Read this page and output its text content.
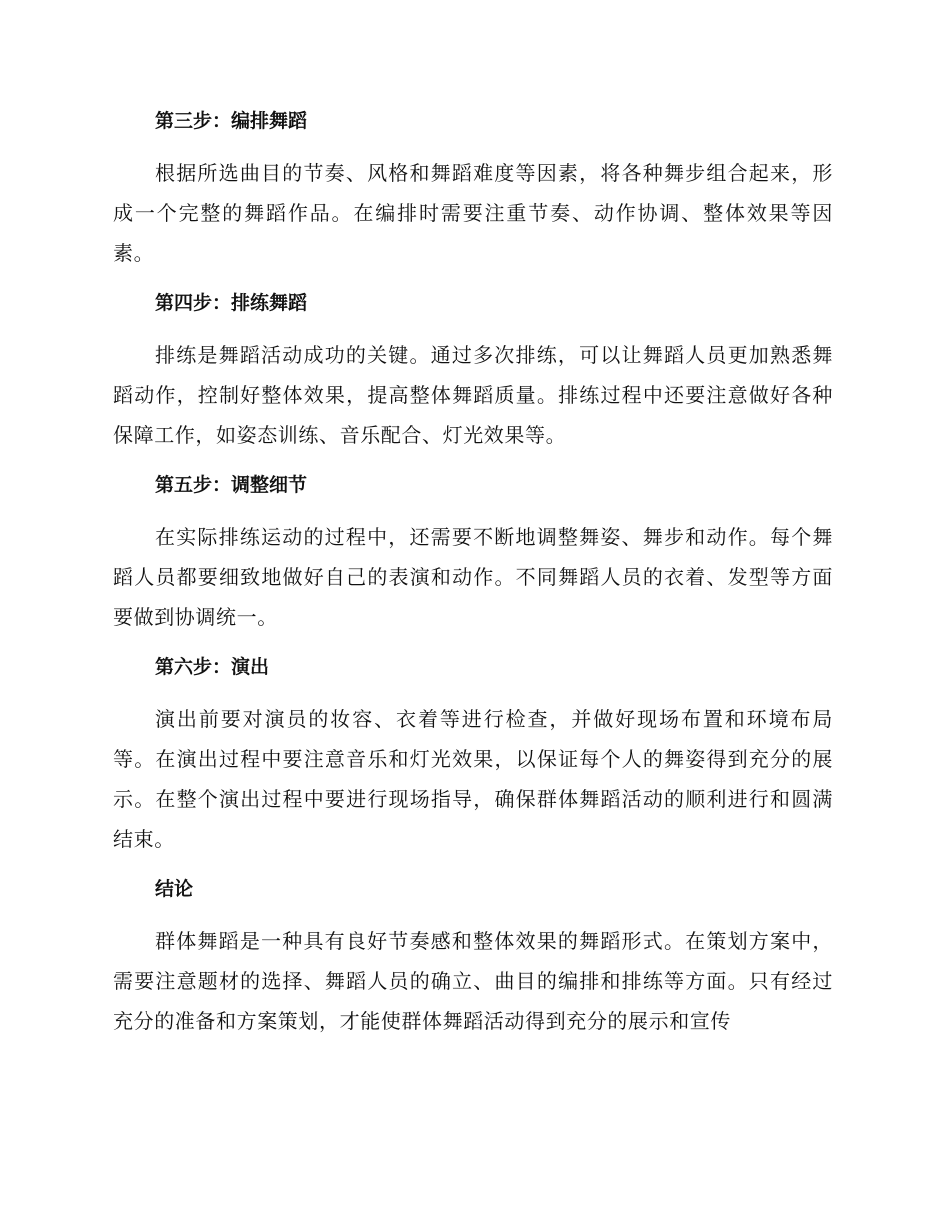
第三步：编排舞蹈
根据所选曲目的节奏、风格和舞蹈难度等因素，将各种舞步组合起来，形成一个完整的舞蹈作品。在编排时需要注重节奏、动作协调、整体效果等因素。
第四步：排练舞蹈
排练是舞蹈活动成功的关键。通过多次排练，可以让舞蹈人员更加熟悉舞蹈动作，控制好整体效果，提高整体舞蹈质量。排练过程中还要注意做好各种保障工作，如姿态训练、音乐配合、灯光效果等。
第五步：调整细节
在实际排练运动的过程中，还需要不断地调整舞姿、舞步和动作。每个舞蹈人员都要细致地做好自己的表演和动作。不同舞蹈人员的衣着、发型等方面要做到协调统一。
第六步：演出
演出前要对演员的妆容、衣着等进行检查，并做好现场布置和环境布局等。在演出过程中要注意音乐和灯光效果，以保证每个人的舞姿得到充分的展示。在整个演出过程中要进行现场指导，确保群体舞蹈活动的顺利进行和圆满结束。
结论
群体舞蹈是一种具有良好节奏感和整体效果的舞蹈形式。在策划方案中，需要注意题材的选择、舞蹈人员的确立、曲目的编排和排练等方面。只有经过充分的准备和方案策划，才能使群体舞蹈活动得到充分的展示和宣传
